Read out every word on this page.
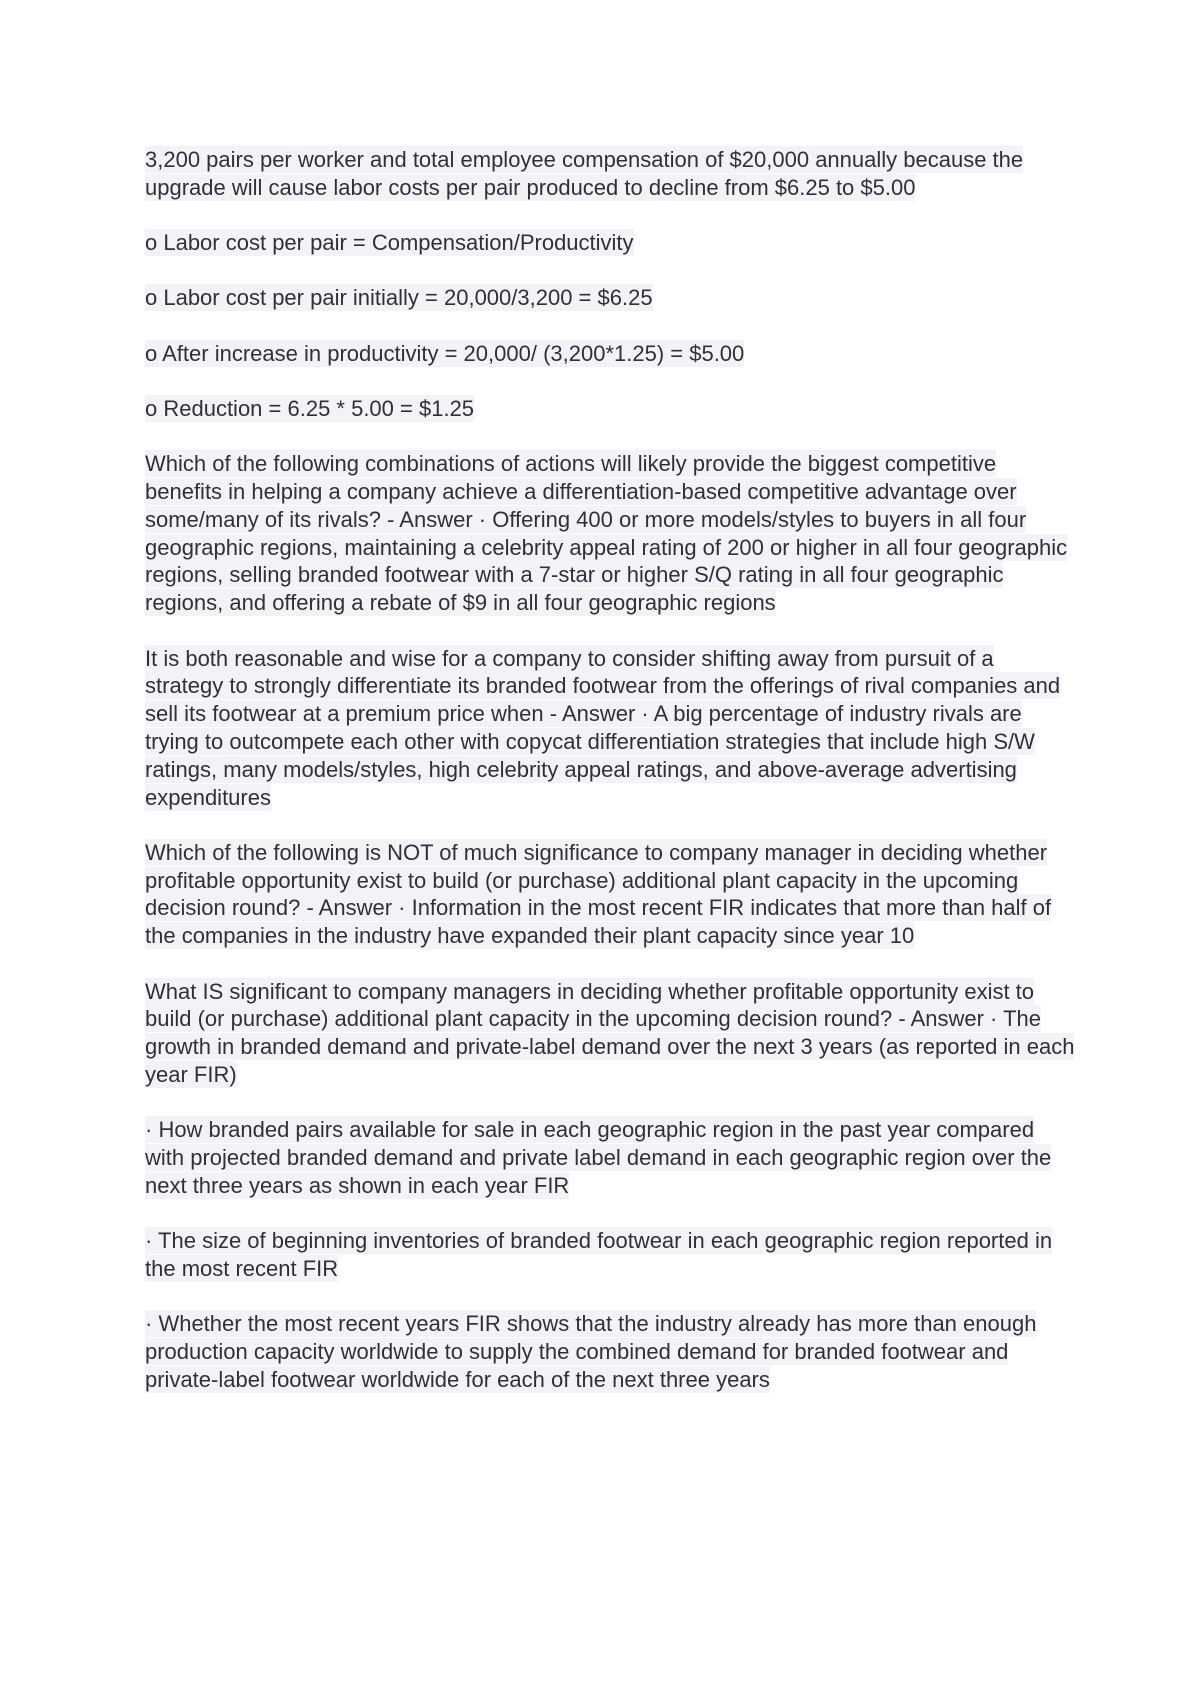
3,200 pairs per worker and total employee compensation of $20,000 annually because the upgrade will cause labor costs per pair produced to decline from $6.25 to $5.00

o Labor cost per pair = Compensation/Productivity

o Labor cost per pair initially = 20,000/3,200 = $6.25

o After increase in productivity = 20,000/ (3,200*1.25) = $5.00

o Reduction = 6.25 * 5.00 = $1.25

Which of the following combinations of actions will likely provide the biggest competitive benefits in helping a company achieve a differentiation-based competitive advantage over some/many of its rivals? - Answer · Offering 400 or more models/styles to buyers in all four geographic regions, maintaining a celebrity appeal rating of 200 or higher in all four geographic regions, selling branded footwear with a 7-star or higher S/Q rating in all four geographic regions, and offering a rebate of $9 in all four geographic regions

It is both reasonable and wise for a company to consider shifting away from pursuit of a strategy to strongly differentiate its branded footwear from the offerings of rival companies and sell its footwear at a premium price when - Answer · A big percentage of industry rivals are trying to outcompete each other with copycat differentiation strategies that include high S/W ratings, many models/styles, high celebrity appeal ratings, and above-average advertising expenditures

Which of the following is NOT of much significance to company manager in deciding whether profitable opportunity exist to build (or purchase) additional plant capacity in the upcoming decision round? - Answer · Information in the most recent FIR indicates that more than half of the companies in the industry have expanded their plant capacity since year 10

What IS significant to company managers in deciding whether profitable opportunity exist to build (or purchase) additional plant capacity in the upcoming decision round? - Answer · The growth in branded demand and private-label demand over the next 3 years (as reported in each year FIR)

· How branded pairs available for sale in each geographic region in the past year compared with projected branded demand and private label demand in each geographic region over the next three years as shown in each year FIR

· The size of beginning inventories of branded footwear in each geographic region reported in the most recent FIR

· Whether the most recent years FIR shows that the industry already has more than enough production capacity worldwide to supply the combined demand for branded footwear and private-label footwear worldwide for each of the next three years
